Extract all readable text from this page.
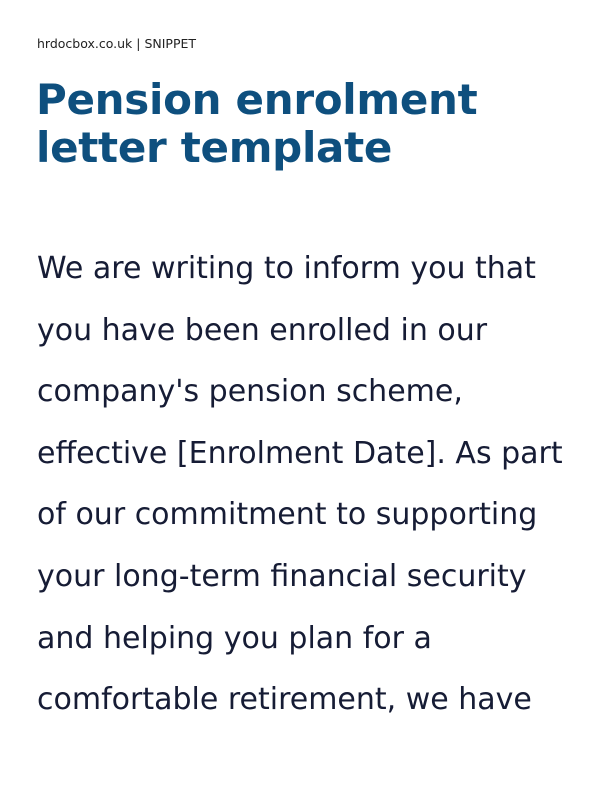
hrdocbox.co.uk | SNIPPET
Pension enrolment
letter template
We are writing to inform you that
you have been enrolled in our
company's pension scheme,
effective [Enrolment Date]. As part
of our commitment to supporting
your long-term financial security
and helping you plan for a
comfortable retirement, we have
